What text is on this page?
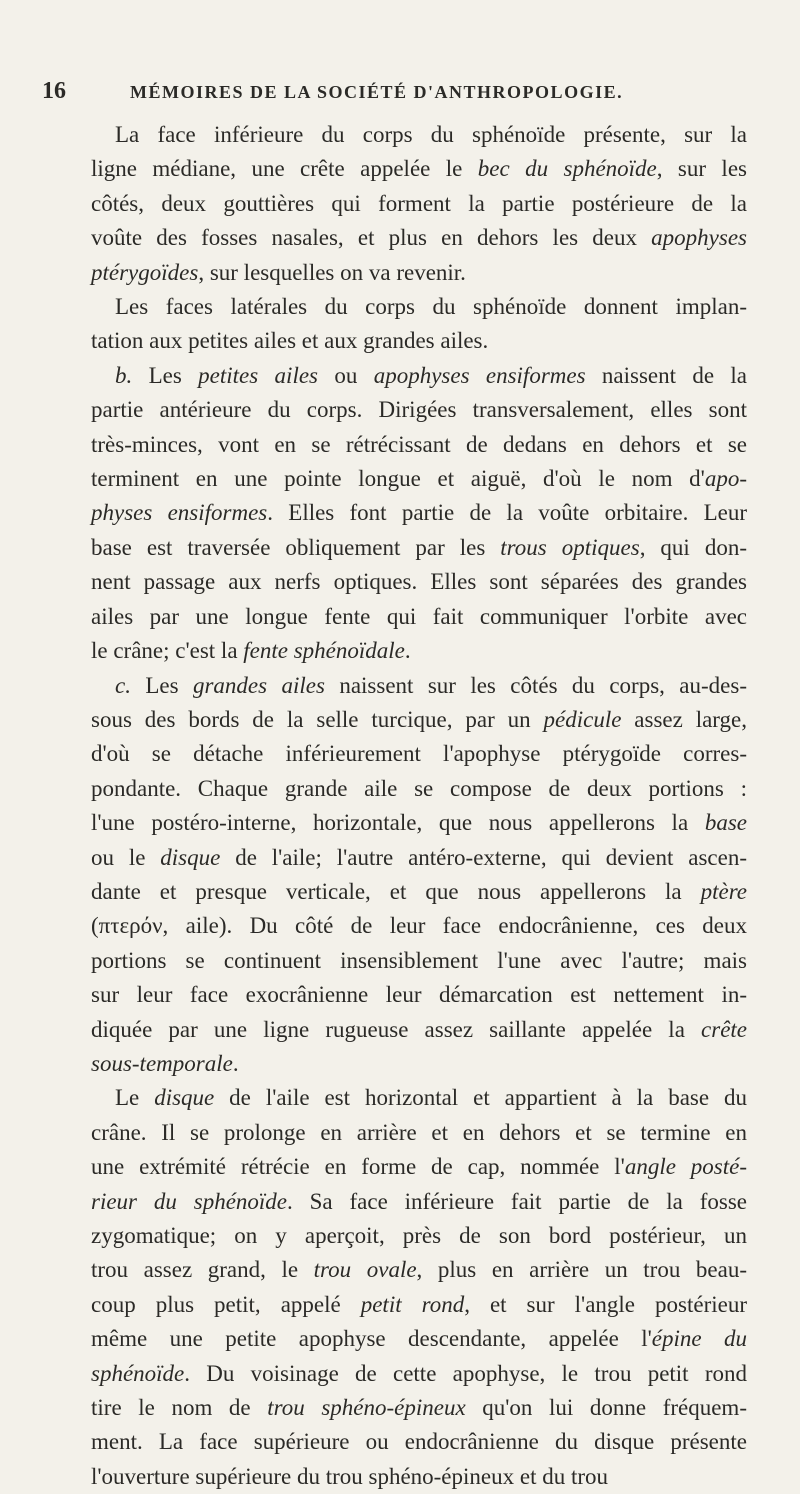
16	MÉMOIRES DE LA SOCIÉTÉ D'ANTHROPOLOGIE.
La face inférieure du corps du sphénoïde présente, sur la
ligne médiane, une crête appelée le bec du sphénoïde, sur les
côtés, deux gouttières qui forment la partie postérieure de la
voûte des fosses nasales, et plus en dehors les deux apophyses
ptérygoïdes, sur lesquelles on va revenir.
Les faces latérales du corps du sphénoïde donnent implan-
tation aux petites ailes et aux grandes ailes.
b. Les petites ailes ou apophyses ensiformes naissent de la
partie antérieure du corps. Dirigées transversalement, elles sont
très-minces, vont en se rétrécissant de dedans en dehors et se
terminent en une pointe longue et aiguë, d'où le nom d'apo-
physes ensiformes. Elles font partie de la voûte orbitaire. Leur
base est traversée obliquement par les trous optiques, qui don-
nent passage aux nerfs optiques. Elles sont séparées des grandes
ailes par une longue fente qui fait communiquer l'orbite avec
le crâne; c'est la fente sphénoïdale.
c. Les grandes ailes naissent sur les côtés du corps, au-des-
sous des bords de la selle turcique, par un pédicule assez large,
d'où se détache inférieurement l'apophyse ptérygoïde corres-
pondante. Chaque grande aile se compose de deux portions :
l'une postéro-interne, horizontale, que nous appellerons la base
ou le disque de l'aile; l'autre antéro-externe, qui devient ascen-
dante et presque verticale, et que nous appellerons la ptère
(πτερόν, aile). Du côté de leur face endocrânienne, ces deux
portions se continuent insensiblement l'une avec l'autre; mais
sur leur face exocrânienne leur démarcation est nettement in-
diquée par une ligne rugueuse assez saillante appelée la crête
sous-temporale.
Le disque de l'aile est horizontal et appartient à la base du
crâne. Il se prolonge en arrière et en dehors et se termine en
une extrémité rétrécie en forme de cap, nommée l'angle posté-
rieur du sphénoïde. Sa face inférieure fait partie de la fosse
zygomatique; on y aperçoit, près de son bord postérieur, un
trou assez grand, le trou ovale, plus en arrière un trou beau-
coup plus petit, appelé petit rond, et sur l'angle postérieur
même une petite apophyse descendante, appelée l'épine du
sphénoïde. Du voisinage de cette apophyse, le trou petit rond
tire le nom de trou sphéno-épineux qu'on lui donne fréquem-
ment. La face supérieure ou endocrânienne du disque présente
l'ouverture supérieure du trou sphéno-épineux et du trou
